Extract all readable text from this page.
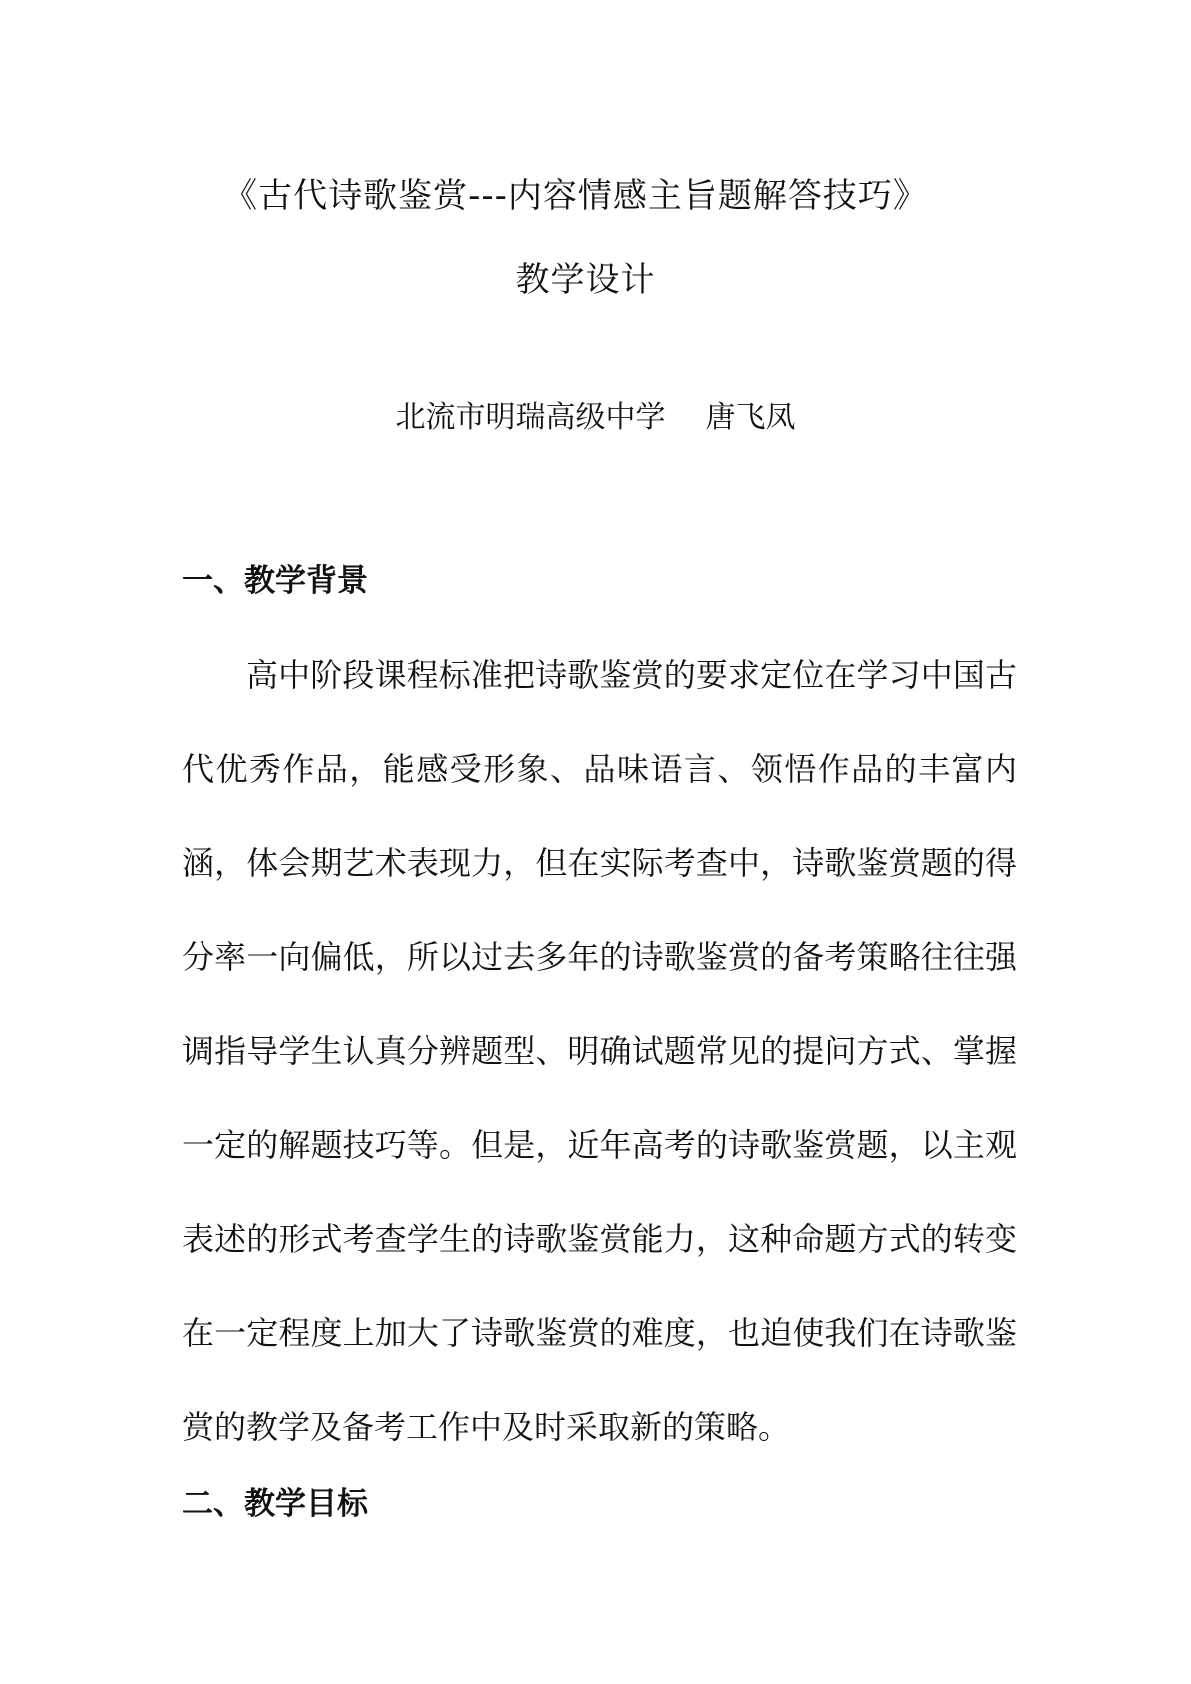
《古代诗歌鉴赏---内容情感主旨题解答技巧》
教学设计
北流市明瑞高级中学 唐飞凤
一、教学背景

高中阶段课程标准把诗歌鉴赏的要求定位在学习中国古代优秀作品，能感受形象、品味语言、领悟作品的丰富内涵，体会期艺术表现力，但在实际考查中，诗歌鉴赏题的得分率一向偏低，所以过去多年的诗歌鉴赏的备考策略往往强调指导学生认真分辨题型、明确试题常见的提问方式、掌握一定的解题技巧等。但是，近年高考的诗歌鉴赏题，以主观表述的形式考查学生的诗歌鉴赏能力，这种命题方式的转变在一定程度上加大了诗歌鉴赏的难度，也迫使我们在诗歌鉴赏的教学及备考工作中及时采取新的策略。

二、教学目标
